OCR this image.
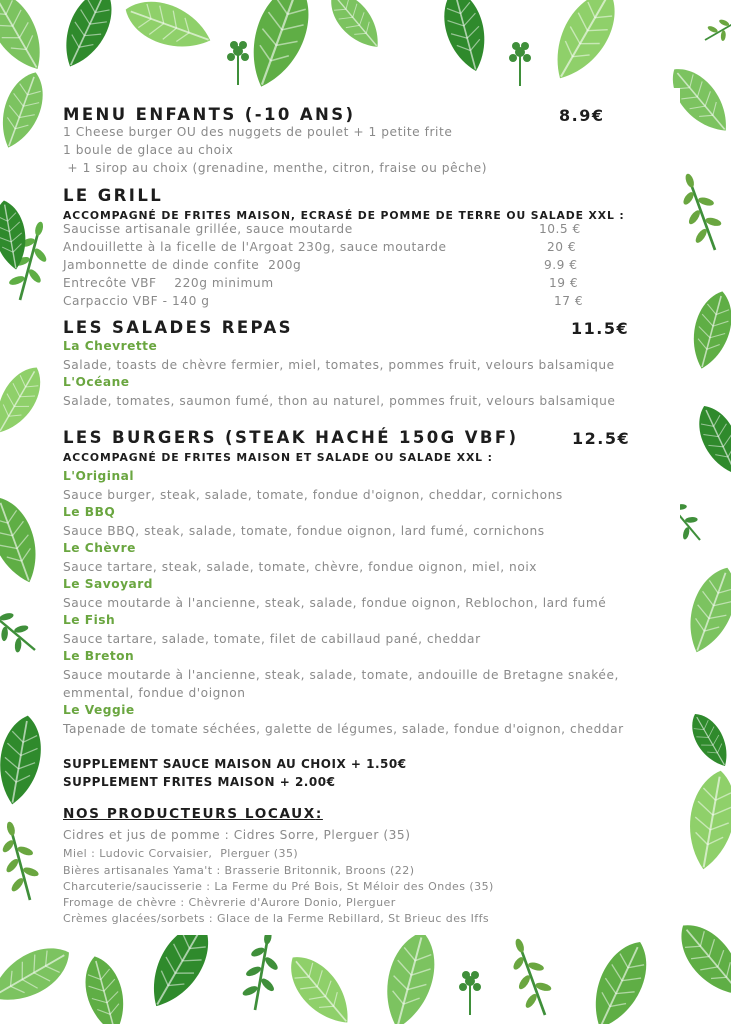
MENU ENFANTS (-10 ANS)	8.9€
1 Cheese burger OU des nuggets de poulet + 1 petite frite
1 boule de glace au choix
+ 1 sirop au choix (grenadine, menthe, citron, fraise ou pêche)
LE GRILL
ACCOMPAGNÉ DE FRITES MAISON, ECRASÉ DE POMME DE TERRE OU SALADE XXL :
Saucisse artisanale grillée, sauce moutarde	10.5 €
Andouillette à la ficelle de l'Argoat 230g, sauce moutarde	20 €
Jambonnette de dinde confite  200g	9.9 €
Entrecôte VBF    220g minimum	19 €
Carpaccio VBF - 140 g	17 €
LES SALADES REPAS	11.5€
La Chevrette
Salade, toasts de chèvre fermier, miel, tomates, pommes fruit, velours balsamique
L'Océane
Salade, tomates, saumon fumé, thon au naturel, pommes fruit, velours balsamique
LES BURGERS (STEAK HACHÉ 150G VBF)	12.5€
ACCOMPAGNÉ DE FRITES MAISON ET SALADE OU SALADE XXL :
L'Original
Sauce burger, steak, salade, tomate, fondue d'oignon, cheddar, cornichons
Le BBQ
Sauce BBQ, steak, salade, tomate, fondue oignon, lard fumé, cornichons
Le Chèvre
Sauce tartare, steak, salade, tomate, chèvre, fondue oignon, miel, noix
Le Savoyard
Sauce moutarde à l'ancienne, steak, salade, fondue oignon, Reblochon, lard fumé
Le Fish
Sauce tartare, salade, tomate, filet de cabillaud pané, cheddar
Le Breton
Sauce moutarde à l'ancienne, steak, salade, tomate, andouille de Bretagne snakée,
emmental, fondue d'oignon
Le Veggie
Tapenade de tomate séchées, galette de légumes, salade, fondue d'oignon, cheddar
SUPPLEMENT SAUCE MAISON AU CHOIX + 1.50€
SUPPLEMENT FRITES MAISON + 2.00€
NOS PRODUCTEURS LOCAUX:
Cidres et jus de pomme : Cidres Sorre, Plerguer (35)
Miel : Ludovic Corvaisier,  Plerguer (35)
Bières artisanales Yama't : Brasserie Britonnik, Broons (22)
Charcuterie/saucisserie : La Ferme du Pré Bois, St Méloir des Ondes (35)
Fromage de chèvre : Chèvrerie d'Aurore Donio, Plerguer
Crèmes glacées/sorbets : Glace de la Ferme Rebillard, St Brieuc des Iffs
